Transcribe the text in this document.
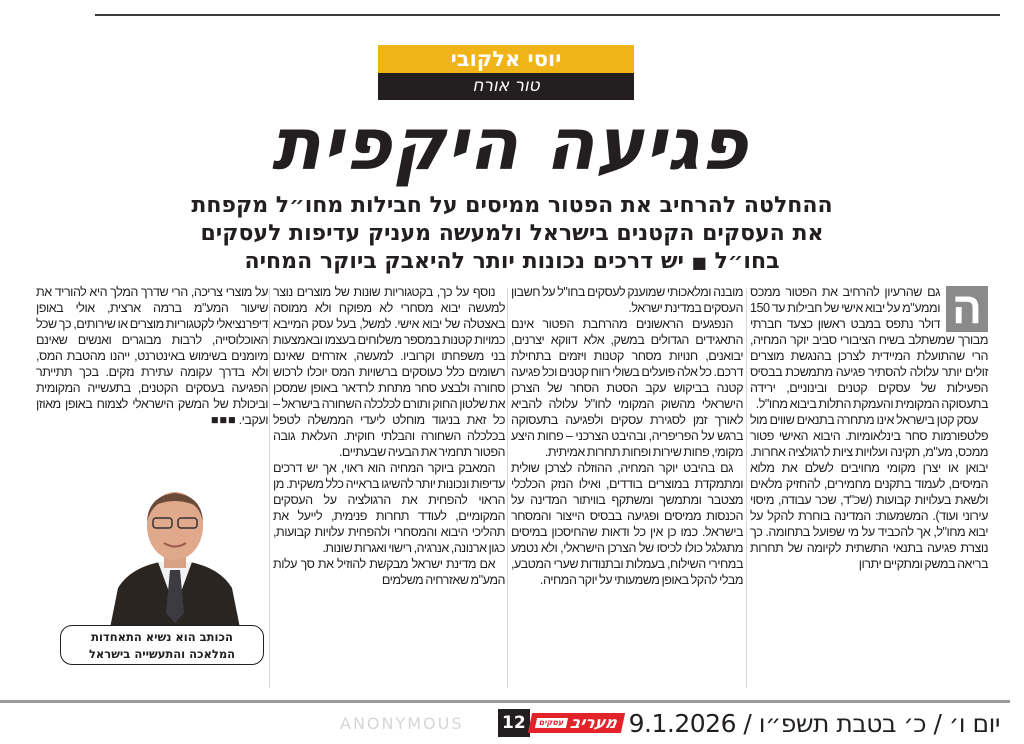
יוסי אלקובי
טור אורח
פגיעה היקפית
ההחלטה להרחיב את הפטור ממיסים על חבילות מחו״ל מקפחת
את העסקים הקטנים בישראל ולמעשה מעניק עדיפות לעסקים
בחו״ל ■ יש דרכים נכונות יותר להיאבק ביוקר המחיה

ה
גם שהרעיון להרחיב את הפטור ממכס וממע"מ על יבוא אישי של חבילות עד 150 דולר נתפס במבט ראשון כצעד חברתי מבורך שמשתלב בשיח הציבורי סביב יוקר המחיה, הרי שהתועלת המיידית לצרכן בהנגשת מוצרים זולים יותר עלולה להסתיר פגיעה מתמשכת בבסיס הפעילות של עסקים קטנים ובינוניים, ירידה בתעסוקה המקומית והעמקת התלות ביבוא מחו"ל.

עסק קטן בישראל אינו מתחרה בתנאים שווים מול פלטפורמות סחר בינלאומיות. היבוא האישי פטור ממכס, מע"מ, תקינה ועלויות ציות לרגולציה אחרות. יבואן או יצרן מקומי מחויבים לשלם את מלוא המיסים, לעמוד בתקנים מחמירים, להחזיק מלאים ולשאת בעלויות קבועות (שכ"ד, שכר עבודה, מיסוי עירוני ועוד). המשמעות: המדינה בוחרת להקל על יבוא מחו"ל, אך להכביד על מי שפועל בתחומה. כך נוצרת פגיעה בתנאי התשתית לקיומה של תחרות בריאה במשק ומתקיים יתרון

מובנה ומלאכותי שמוענק לעסקים בחו"ל על חשבון העסקים במדינת ישראל.

הנפגעים הראשונים מהרחבת הפטור אינם התאגידים הגדולים במשק, אלא דווקא יצרנים, יבואנים, חנויות מסחר קטנות ויזמים בתחילת דרכם. כל אלה פועלים בשולי רווח קטנים וכל פגיעה קטנה בביקוש עקב הסטת הסחר של הצרכן הישראלי מהשוק המקומי לחו"ל עלולה להביא לאורך זמן לסגירת עסקים ולפגיעה בתעסוקה ברגש על הפריפריה, ובהיבט הצרכני – פחות היצע מקומי, פחות שירות ופחות תחרות אמיתית.

גם בהיבט יוקר המחיה, ההוזלה לצרכן שולית ומתמקדת במוצרים בודדים, ואילו הנזק הכלכלי מצטבר ומתמשך ומשתקף בוויתור המדינה על הכנסות ממיסים ופגיעה בבסיס הייצור והמסחר בישראל. כמו כן אין כל ודאות שהחיסכון במיסים מתגלגל כולו לכיסו של הצרכן הישראלי, ולא נטמע במחירי השילוח, בעמלות ובתנודות שערי המטבע, מבלי להקל באופן משמעותי על יוקר המחיה.

נוסף על כך, בקטגוריות שונות של מוצרים נוצר למעשה יבוא מסחרי לא מפוקח ולא ממוסה באצטלה של יבוא אישי. למשל, בעל עסק המייבא כמויות קטנות במספר משלוחים בעצמו ובאמצעות בני משפחתו וקרוביו. למעשה, אזרחים שאינם רשומים כלל כעוסקים ברשויות המס יוכלו לרכוש סחורה ולבצע סחר מתחת לרדאר באופן שמסכן את שלטון החוק ותורם לכלכלה השחורה בישראל – כל זאת בניגוד מוחלט ליעדי הממשלה לטפל בכלכלה השחורה והבלתי חוקית. העלאת גובה הפטור תחמיר את הבעיה שבעתיים.

המאבק ביוקר המחיה הוא ראוי, אך יש דרכים עדיפות ונכונות יותר להשיגו בראייה כלל משקית. מן הראוי להפחית את הרגולציה על העסקים המקומיים, לעודד תחרות פנימית, לייעל את תהליכי היבוא והמסחרי ולהפחית עלויות קבועות, כגון ארנונה, אנרגיה, רישוי ואגרות שונות.

אם מדינת ישראל מבקשת להוזיל את סך עלות המע"מ שאזרחיה משלמים

על מוצרי צריכה, הרי שדרך המלך היא להוריד את שיעור המע"מ ברמה ארצית, אולי באופן דיפרנציאלי לקטגוריות מוצרים או שירותים, כך שכל האוכלוסייה, לרבות מבוגרים ואנשים שאינם מיומנים בשימוש באינטרנט, ייהנו מהטבת המס, ולא בדרך עקומה עתירת נזקים. בכך תתייתר הפגיעה בעסקים הקטנים, בתעשייה המקומית וביכולת של המשק הישראלי לצמוח באופן מאוזן ועקבי. ■■■

הכותב הוא נשיא התאחדות
המלאכה והתעשייה בישראל
12	מעריב
עסקים	יום ו׳ / כ׳ בטבת תשפ״ו / 9.1.2026
ANONYMOUS
